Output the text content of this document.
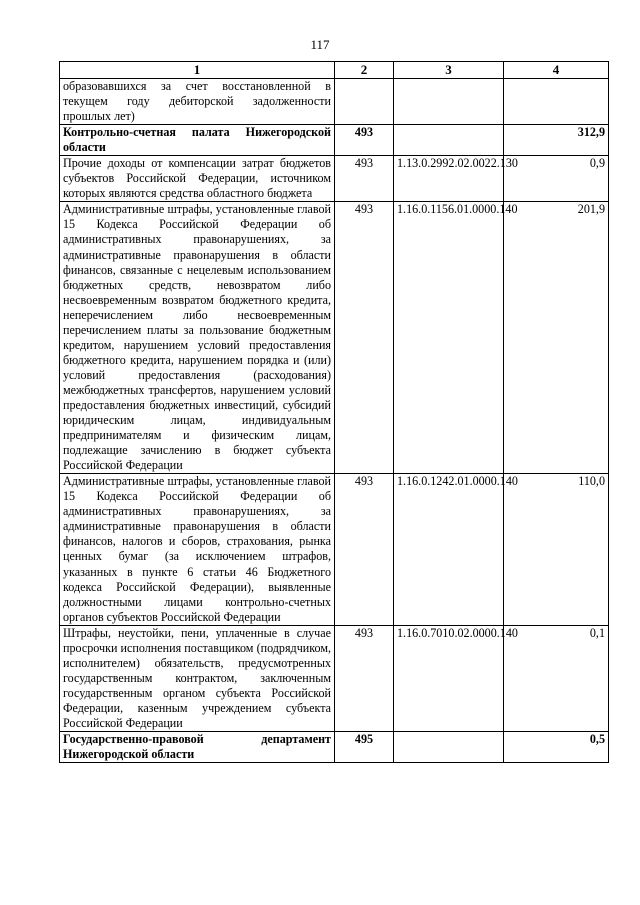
117
1	2	3	4
образовавшихся за счет восстановленной в текущем году дебиторской задолженности прошлых лет)			
Контрольно-счетная палата Нижегородской области	493		312,9
Прочие доходы от компенсации затрат бюджетов субъектов Российской Федерации, источником которых являются средства областного бюджета	493	1.13.0.2992.02.0022.130	0,9
Административные штрафы, установленные главой 15 Кодекса Российской Федерации об административных правонарушениях, за административные правонарушения в области финансов, связанные с нецелевым использованием бюджетных средств, невозвратом либо несвоевременным возвратом бюджетного кредита, неперечислением либо несвоевременным перечислением платы за пользование бюджетным кредитом, нарушением условий предоставления бюджетного кредита, нарушением порядка и (или) условий предоставления (расходования) межбюджетных трансфертов, нарушением условий предоставления бюджетных инвестиций, субсидий юридическим лицам, индивидуальным предпринимателям и физическим лицам, подлежащие зачислению в бюджет субъекта Российской Федерации	493	1.16.0.1156.01.0000.140	201,9
Административные штрафы, установленные главой 15 Кодекса Российской Федерации об административных правонарушениях, за административные правонарушения в области финансов, налогов и сборов, страхования, рынка ценных бумаг (за исключением штрафов, указанных в пункте 6 статьи 46 Бюджетного кодекса Российской Федерации), выявленные должностными лицами контрольно-счетных органов субъектов Российской Федерации	493	1.16.0.1242.01.0000.140	110,0
Штрафы, неустойки, пени, уплаченные в случае просрочки исполнения поставщиком (подрядчиком, исполнителем) обязательств, предусмотренных государственным контрактом, заключенным государственным органом субъекта Российской Федерации, казенным учреждением субъекта Российской Федерации	493	1.16.0.7010.02.0000.140	0,1
Государственно-правовой департамент Нижегородской области	495		0,5
